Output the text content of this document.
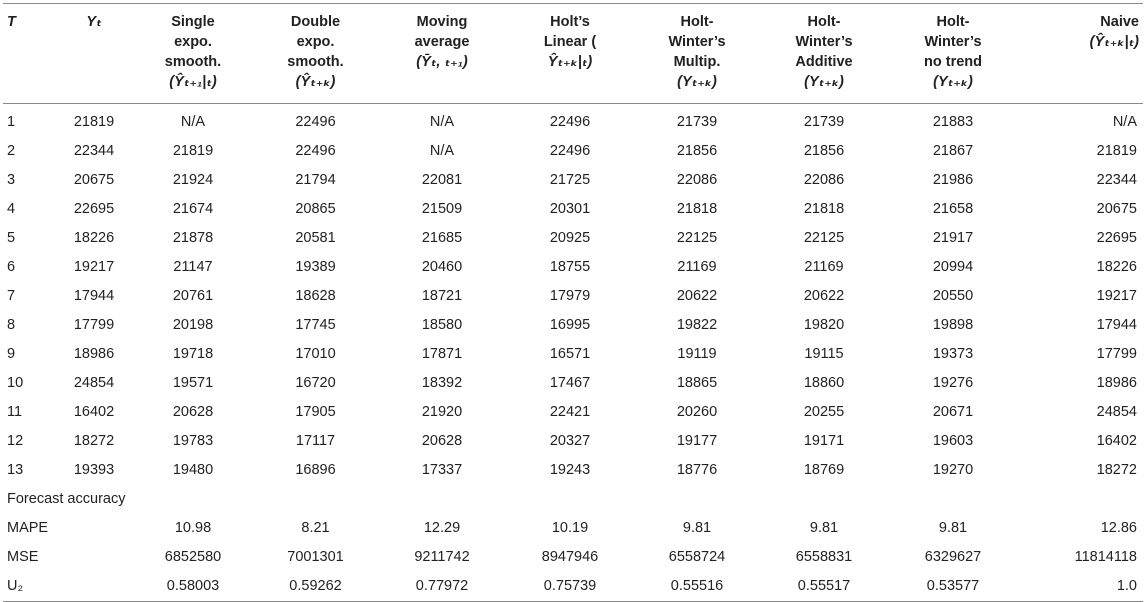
T	Yₜ	Single
expo.
smooth.
(Ŷₜ₊₁|ₜ)	Double
expo.
smooth.
(Ŷₜ₊ₖ)	Moving
average
(Ȳₜ, ₜ₊₁)	Holt’s
Linear (
Ŷₜ₊ₖ|ₜ)	Holt-
Winter’s
Multip.
(Yₜ₊ₖ)	Holt-
Winter’s
Additive
(Yₜ₊ₖ)	Holt-
Winter’s
no trend
(Yₜ₊ₖ)	Naive
(Ŷₜ₊ₖ|ₜ)

1	21819	N/A	22496	N/A	22496	21739	21739	21883	N/A
2	22344	21819	22496	N/A	22496	21856	21856	21867	21819
3	20675	21924	21794	22081	21725	22086	22086	21986	22344
4	22695	21674	20865	21509	20301	21818	21818	21658	20675
5	18226	21878	20581	21685	20925	22125	22125	21917	22695
6	19217	21147	19389	20460	18755	21169	21169	20994	18226
7	17944	20761	18628	18721	17979	20622	20622	20550	19217
8	17799	20198	17745	18580	16995	19822	19820	19898	17944
9	18986	19718	17010	17871	16571	19119	19115	19373	17799
10	24854	19571	16720	18392	17467	18865	18860	19276	18986
11	16402	20628	17905	21920	22421	20260	20255	20671	24854
12	18272	19783	17117	20628	20327	19177	19171	19603	16402
13	19393	19480	16896	17337	19243	18776	18769	19270	18272
Forecast accuracy									
MAPE		10.98	8.21	12.29	10.19	9.81	9.81	9.81	12.86
MSE		6852580	7001301	9211742	8947946	6558724	6558831	6329627	11814118
U₂		0.58003	0.59262	0.77972	0.75739	0.55516	0.55517	0.53577	1.0
